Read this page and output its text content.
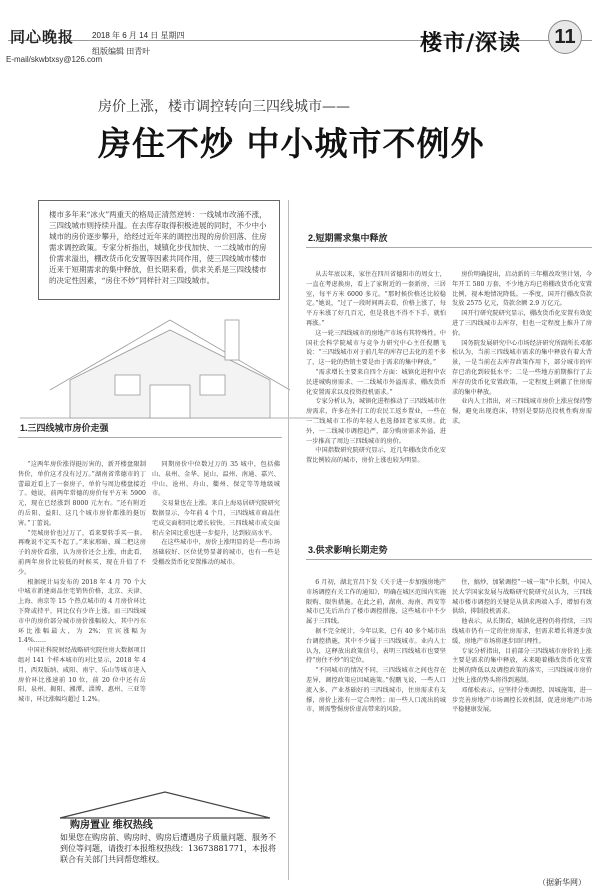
同心晚报 2018 年 6 月 14 日 星期四
E-mail/skwbtxsy@126.com
组版编辑 田青叶	楼市/深读	11
房价上涨，楼市调控转向三四线城市——
房住不炒 中小城市不例外
楼市多年来“冰火”两重天的格局正清然逆转：一线城市改涌不涨，三四线城市则持续升温。在去库存取得积极进展的同时，不少中小城市的房价逐步攀升，给经过近年来的调控出现的房价回落、住房需求调控政策。专家分析指出，城镇化步伐加快、一二线城市的房价需求溢出，棚改货币化安置等因素共同作用，使三四线城市楼市近来于短期需求的集中释放，但长期来看，供求关系是三四线楼市的决定性因素，“房住不炒”同样针对三四线城市。
1.三四线城市房价走强

“这两年房价涨得挺厉害的，新开楼盘限制售价，单价这才没有过万。”湖南省常德市的丁蕾最近看上了一套房子，单价与周边楼盘接近了。她说，前两年常德的房价每平方米 5900 元，现在已经涨到 8000 元左右。“还有附近的岳阳、益阳、这几个城市房价都涨的挺厉害。”丁蕾说。

“莞城房价也过万了，看来要转手买一套。再晚说不定买不起了。”来家邢暗、瑶二把这房子的房价看涨，认为房价还会上涨，由此看，前两年房价比较低的时候买，现在升值了不少。

根据统计局发布的 2018 年 4 月 70 个大中城市新建商品住宅销售价格，北京、天津、上海、南京等 15 个热点城市的 4 月房价环比下降或持平，同比仅有少许上涨。而三四线城市中的房价部分城市房价涨幅较大，其中丹东环比涨幅最大，为 2%；宜宾涨幅为 1.4%……

中国社科院财经战略研究院住房大数据项目组对 141 个样本城市的对比显示，2018 年 4 月，西双版纳、咸阳、南宁、乐山等城市进入房价环比涨速前 10 位，前 20 位中还有岳阳、泉州、揭阳、湘潭、淄博、惠州、三亚等城市，环比涨幅均超过 1.2%。

同期房价中位数过万的 35 城中，包括佛山、泉州、金华、昆山、温州、南通、嘉兴、中山、沧州、舟山、衢州、保定等等地级城市。

交易量也在上涨。来自上海易居研究院研究数据显示，今年前 4 个月，三四线城市商品住宅成交面积同比增长较快。三四线城市成交面积占全国比重也进一步提升，达到较高水平。

在这些城市中，房价上涨明显的是一些市场基础较好、区位优势显著的城市，也有一些是受棚改货币化安置推动的城市。

购房置业 维权热线
如果您在购房前、购房时、购房后遭遇房子质量问题、服务不到位等问题，请拨打本报维权热线：13673881771，本报将联合有关部门共同帮您维权。
2.短期需求集中释放

从去年底以来，家住在四川省德阳市的周女士，一直在考虑换房，看上了家附近的一套新房，三居室，每平方米 6000 多元。“那时候价格还比较稳定。”她说，“过了一段时间再去看，价格上涨了，每平方米涨了好几百元，但是我也不得不下手，就怕再涨。”

这一轮三四线城市的房地产市场有其特殊性。中国社会科学院城市与竞争力研究中心主任倪鹏飞说：“三四线城市对于前几年的库存已去化的差不多了，这一轮的热销主要是由于需求的集中释放。”

“需求增长主要来自四个方面：城镇化进程中农民进城购房需求、一二线城市外溢需求、棚改货币化安置需求以及投资投机需求。”

专家分析认为，城镇化进程推动了三四线城市住房需求，许多在外打工的农民工返乡置业，一些在一二线城市工作的年轻人也选择回老家买房。此外，一二线城市调控趋严，部分购房需求外溢，进一步推高了周边三四线城市的房价。

中国指数研究院研究显示，近几年棚改货币化安置比例较高的城市，房价上涨也较为明显。

房价明确提出，启动新的三年棚改攻坚计划，今年开工 580 万套，不少地方均已将棚改货币化安置比例，视本地情况降低。一季度，国开行棚改贷款发放 2575 亿元，贷款余额 2.9 万亿元。

国开行研究院研究显示，棚改货币化安置有效促进了三四线城市去库存，但也一定程度上推升了房价。

国务院发展研究中心市场经济研究所副所长邓郁松认为，当前三四线城市需求的集中释放有着大背景，一是当前在去库存政策作用下，部分城市的库存已消化到较低水平；二是一些地方前期推行了去库存的货币化安置政策，一定程度上刺激了住房需求的集中释放。

业内人士指出，对三四线城市房价上涨应保持警惕，避免出现泡沫，特别是要防范投机性购房需求。

3.供求影响长期走势

6 月初，湖北宜昌下发《关于进一步加强房地产市场调控有关工作的通知》，明确在城区范围内实施限购、限售措施。在此之前，湖南、海南、西安等城市已先后出台了楼市调控措施，这些城市中不少属于三四线。

据不完全统计，今年以来，已有 40 多个城市出台调控措施，其中不少属于三四线城市。业内人士认为，这释放出政策信号，表明三四线城市也要坚持“房住不炒”的定位。

“不同城市的情况不同，三四线城市之间也存在差异，调控政策应因城施策。”倪鹏飞说，一些人口流入多、产业基础好的三四线城市，住房需求有支撑，房价上涨有一定合理性；而一些人口流出的城市，则需警惕房价虚高带来的风险。

住，搞炒，加紧调控“一城一策”中长期，中国人民大学国家发展与战略研究院研究员认为，三四线城市楼市调控的关键是从供求两端入手，增加有效供给，抑制投机需求。

他表示，从长期看，城镇化进程仍将持续，三四线城市仍有一定的住房需求，但需求增长将逐步放缓，房地产市场将逐步回归理性。

专家分析指出，目前部分三四线城市房价的上涨主要是需求的集中释放，未来随着棚改货币化安置比例的降低以及调控政策的落实，三四线城市房价过快上涨的势头将得到遏制。

邓郁松表示，应坚持分类调控、因城施策，进一步完善房地产市场调控长效机制，促进房地产市场平稳健康发展。

（据新华网）
